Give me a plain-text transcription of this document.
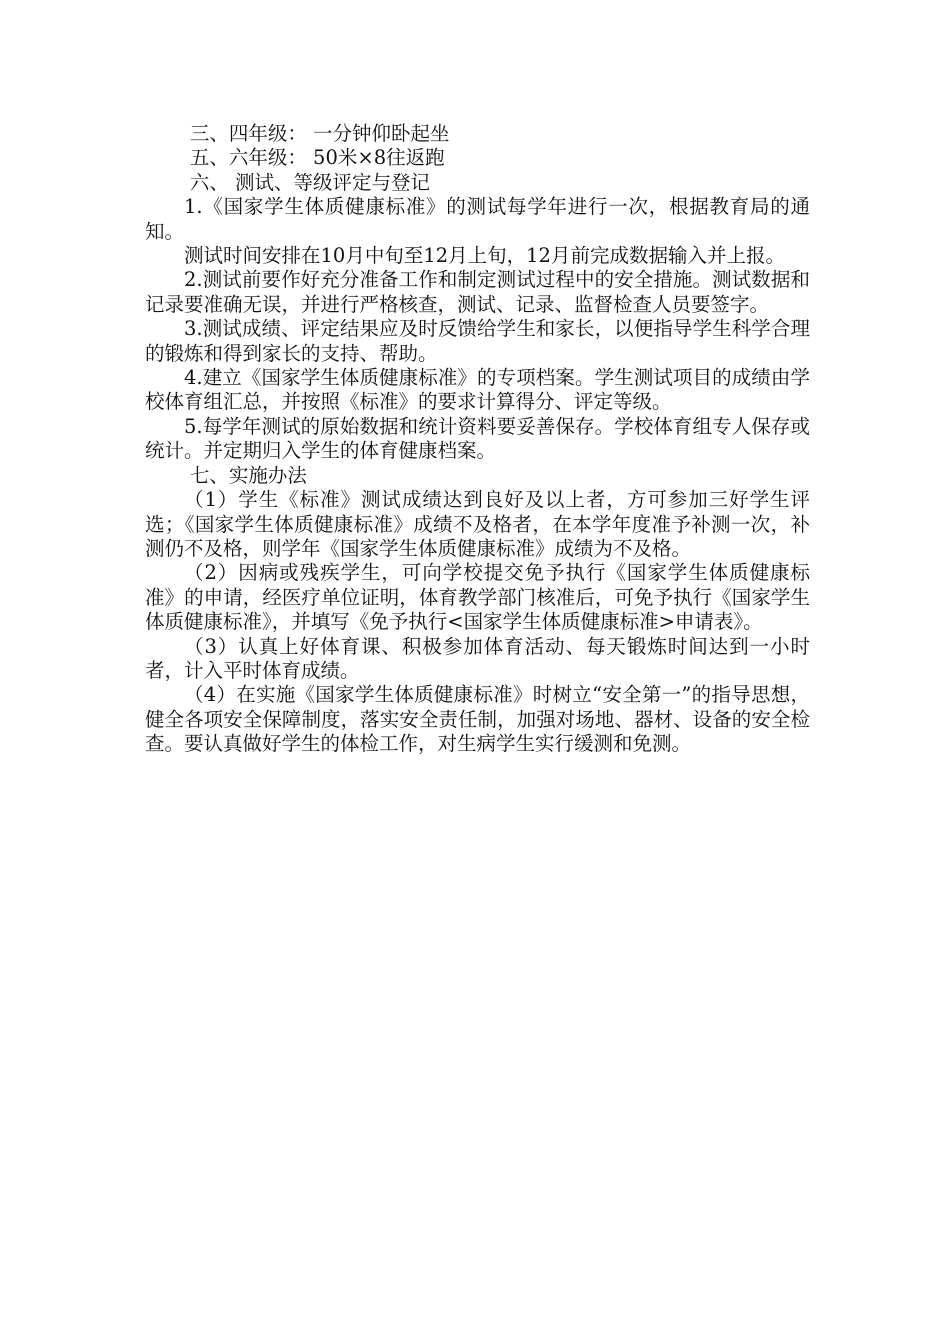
三、四年级： 一分钟仰卧起坐

五、六年级： 50米×8往返跑

六、 测试、等级评定与登记

1.《国家学生体质健康标准》的测试每学年进行一次，根据教育局的通知。

测试时间安排在10月中旬至12月上旬，12月前完成数据输入并上报。

2.测试前要作好充分准备工作和制定测试过程中的安全措施。测试数据和记录要准确无误，并进行严格核查，测试、记录、监督检查人员要签字。

3.测试成绩、评定结果应及时反馈给学生和家长，以便指导学生科学合理的锻炼和得到家长的支持、帮助。

4.建立《国家学生体质健康标准》的专项档案。学生测试项目的成绩由学校体育组汇总，并按照《标准》的要求计算得分、评定等级。

5.每学年测试的原始数据和统计资料要妥善保存。学校体育组专人保存或统计。并定期归入学生的体育健康档案。

七、实施办法

（1）学生《标准》测试成绩达到良好及以上者，方可参加三好学生评选；《国家学生体质健康标准》成绩不及格者，在本学年度准予补测一次，补测仍不及格，则学年《国家学生体质健康标准》成绩为不及格。

（2）因病或残疾学生，可向学校提交免予执行《国家学生体质健康标准》的申请，经医疗单位证明，体育教学部门核准后，可免予执行《国家学生体质健康标准》，并填写《免予执行<国家学生体质健康标准>申请表》。

（3）认真上好体育课、积极参加体育活动、每天锻炼时间达到一小时者，计入平时体育成绩。

（4）在实施《国家学生体质健康标准》时树立“安全第一”的指导思想，健全各项安全保障制度，落实安全责任制，加强对场地、器材、设备的安全检查。要认真做好学生的体检工作，对生病学生实行缓测和免测。
